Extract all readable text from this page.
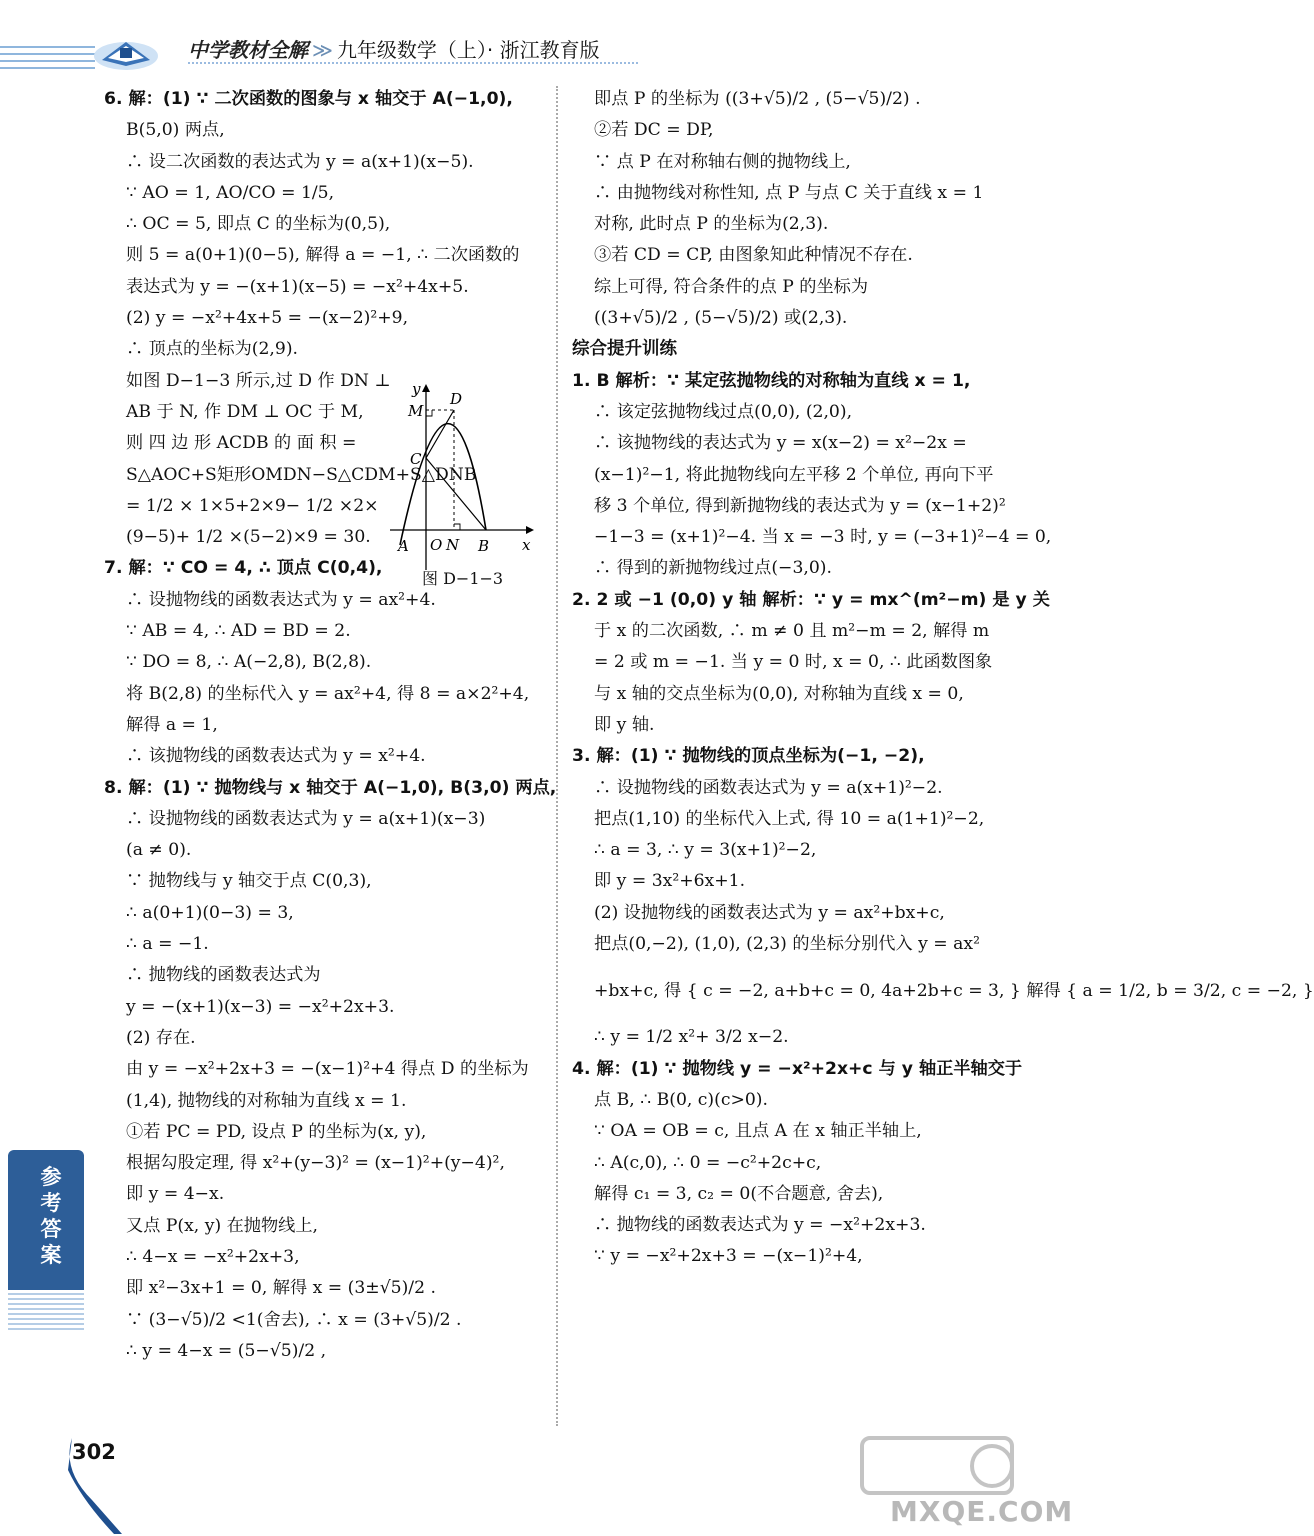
中学教材全解 ≫ 九年级数学（上）· 浙江教育版
6. 解：(1) ∵ 二次函数的图象与 x 轴交于 A(−1,0),
B(5,0) 两点,
∴ 设二次函数的表达式为 y = a(x+1)(x−5).
∵ AO = 1, AO/CO = 1/5,
∴ OC = 5, 即点 C 的坐标为(0,5),
则 5 = a(0+1)(0−5), 解得 a = −1, ∴ 二次函数的
表达式为 y = −(x+1)(x−5) = −x²+4x+5.
(2) y = −x²+4x+5 = −(x−2)²+9,
∴ 顶点的坐标为(2,9).
如图 D−1−3 所示,过 D 作 DN ⊥
AB 于 N, 作 DM ⊥ OC 于 M,
则 四 边 形 ACDB 的 面 积 =
S△AOC+S矩形OMDN−S△CDM+S△DNB
= 1/2 × 1×5+2×9− 1/2 ×2×
(9−5)+ 1/2 ×(5−2)×9 = 30.
7. 解：∵ CO = 4, ∴ 顶点 C(0,4),
∴ 设抛物线的函数表达式为 y = ax²+4.
∵ AB = 4, ∴ AD = BD = 2.
∵ DO = 8, ∴ A(−2,8), B(2,8).
将 B(2,8) 的坐标代入 y = ax²+4, 得 8 = a×2²+4,
解得 a = 1,
∴ 该抛物线的函数表达式为 y = x²+4.
8. 解：(1) ∵ 抛物线与 x 轴交于 A(−1,0), B(3,0) 两点,
∴ 设抛物线的函数表达式为 y = a(x+1)(x−3)
(a ≠ 0).
∵ 抛物线与 y 轴交于点 C(0,3),
∴ a(0+1)(0−3) = 3,
∴ a = −1.
∴ 抛物线的函数表达式为
y = −(x+1)(x−3) = −x²+2x+3.
(2) 存在.
由 y = −x²+2x+3 = −(x−1)²+4 得点 D 的坐标为
(1,4), 抛物线的对称轴为直线 x = 1.
①若 PC = PD, 设点 P 的坐标为(x, y),
根据勾股定理, 得 x²+(y−3)² = (x−1)²+(y−4)²,
即 y = 4−x.
又点 P(x, y) 在抛物线上,
∴ 4−x = −x²+2x+3,
即 x²−3x+1 = 0, 解得 x = (3±√5)/2 .
∵ (3−√5)/2 <1(舍去), ∴ x = (3+√5)/2 .
∴ y = 4−x = (5−√5)/2 ,
y
x
M
D
C
A O N B
图 D−1−3
即点 P 的坐标为 ((3+√5)/2 , (5−√5)/2) .
②若 DC = DP,
∵ 点 P 在对称轴右侧的抛物线上,
∴ 由抛物线对称性知, 点 P 与点 C 关于直线 x = 1
对称, 此时点 P 的坐标为(2,3).
③若 CD = CP, 由图象知此种情况不存在.
综上可得, 符合条件的点 P 的坐标为
((3+√5)/2 , (5−√5)/2) 或(2,3).
综合提升训练
1. B 解析：∵ 某定弦抛物线的对称轴为直线 x = 1,
∴ 该定弦抛物线过点(0,0), (2,0),
∴ 该抛物线的表达式为 y = x(x−2) = x²−2x =
(x−1)²−1, 将此抛物线向左平移 2 个单位, 再向下平
移 3 个单位, 得到新抛物线的表达式为 y = (x−1+2)²
−1−3 = (x+1)²−4. 当 x = −3 时, y = (−3+1)²−4 = 0,
∴ 得到的新抛物线过点(−3,0).
2. 2 或 −1 (0,0) y 轴 解析：∵ y = mx^(m²−m) 是 y 关
于 x 的二次函数, ∴ m ≠ 0 且 m²−m = 2, 解得 m
= 2 或 m = −1. 当 y = 0 时, x = 0, ∴ 此函数图象
与 x 轴的交点坐标为(0,0), 对称轴为直线 x = 0,
即 y 轴.
3. 解：(1) ∵ 抛物线的顶点坐标为(−1, −2),
∴ 设抛物线的函数表达式为 y = a(x+1)²−2.
把点(1,10) 的坐标代入上式, 得 10 = a(1+1)²−2,
∴ a = 3, ∴ y = 3(x+1)²−2,
即 y = 3x²+6x+1.
(2) 设抛物线的函数表达式为 y = ax²+bx+c,
把点(0,−2), (1,0), (2,3) 的坐标分别代入 y = ax²
+bx+c, 得 { c = −2, a+b+c = 0, 4a+2b+c = 3, } 解得 { a = 1/2, b = 3/2, c = −2, }
∴ y = 1/2 x²+ 3/2 x−2.
4. 解：(1) ∵ 抛物线 y = −x²+2x+c 与 y 轴正半轴交于
点 B, ∴ B(0, c)(c>0).
∵ OA = OB = c, 且点 A 在 x 轴正半轴上,
∴ A(c,0), ∴ 0 = −c²+2c+c,
解得 c₁ = 3, c₂ = 0(不合题意, 舍去),
∴ 抛物线的函数表达式为 y = −x²+2x+3.
∵ y = −x²+2x+3 = −(x−1)²+4,
参考答案
302
MXQE.COM
